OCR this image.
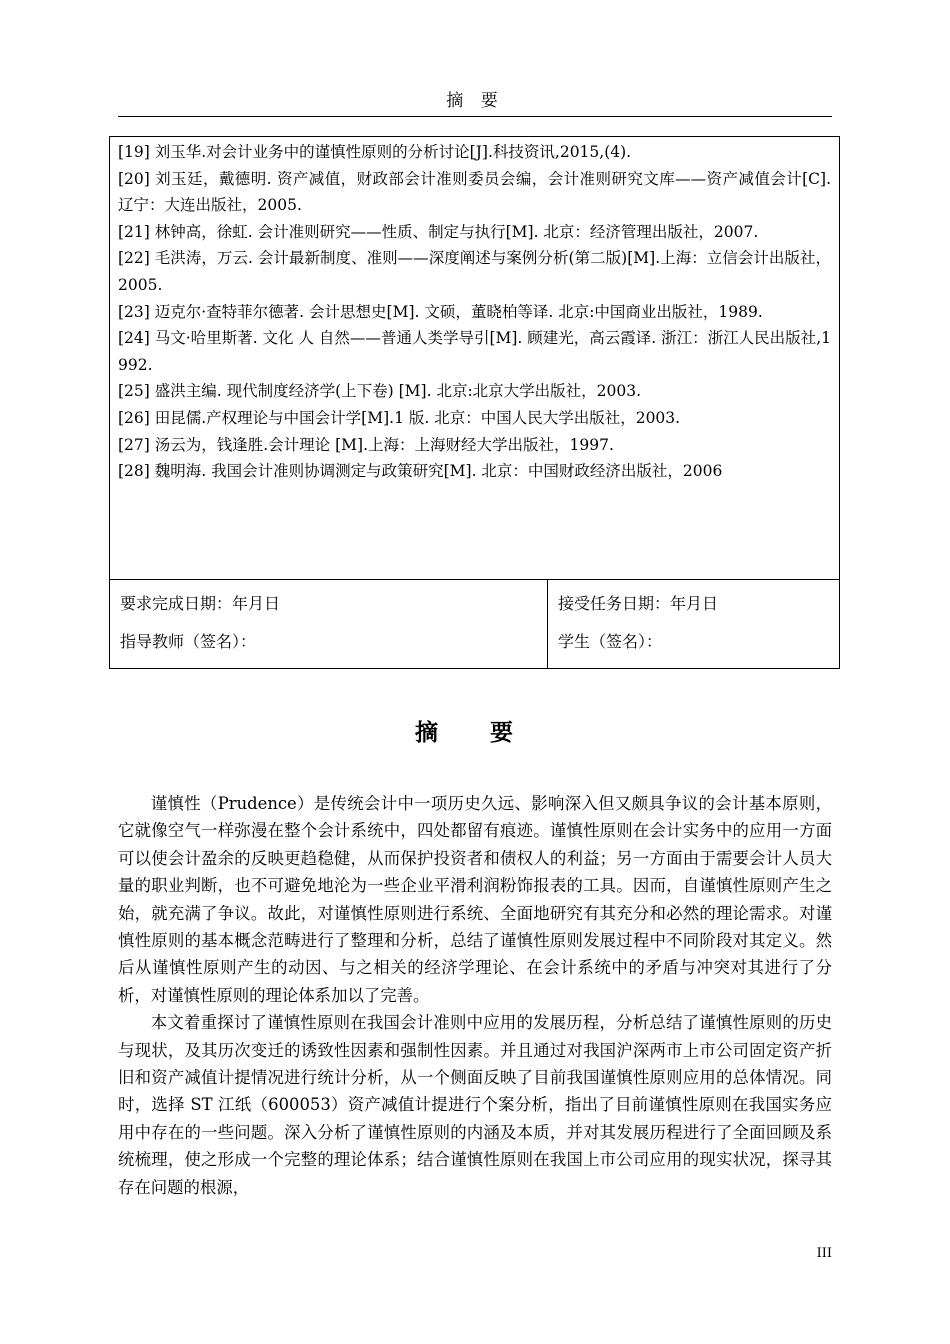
摘 要
[19] 刘玉华.对会计业务中的谨慎性原则的分析讨论[J].科技资讯,2015,(4).
[20] 刘玉廷，戴德明. 资产减值，财政部会计准则委员会编，会计准则研究文库——资产减值会计[C]. 辽宁：大连出版社，2005.
[21] 林钟高，徐虹. 会计准则研究——性质、制定与执行[M]. 北京：经济管理出版社，2007.
[22] 毛洪涛，万云. 会计最新制度、准则——深度阐述与案例分析(第二版)[M].上海：立信会计出版社，2005.
[23] 迈克尔·查特菲尔德著. 会计思想史[M]. 文硕，董晓柏等译. 北京:中国商业出版社，1989.
[24] 马文·哈里斯著. 文化 人 自然——普通人类学导引[M]. 顾建光，高云霞译. 浙江：浙江人民出版社,1992.
[25] 盛洪主编. 现代制度经济学(上下卷) [M]. 北京:北京大学出版社，2003.
[26] 田昆儒.产权理论与中国会计学[M].1 版. 北京：中国人民大学出版社，2003.
[27] 汤云为，钱逢胜.会计理论 [M].上海：上海财经大学出版社，1997.
[28] 魏明海. 我国会计准则协调测定与政策研究[M]. 北京：中国财政经济出版社，2006
要求完成日期：年月日
指导教师（签名）：
接受任务日期：年月日
学生（签名）：
摘 要

谨慎性（Prudence）是传统会计中一项历史久远、影响深入但又颇具争议的会计基本原则，它就像空气一样弥漫在整个会计系统中，四处都留有痕迹。谨慎性原则在会计实务中的应用一方面可以使会计盈余的反映更趋稳健，从而保护投资者和债权人的利益；另一方面由于需要会计人员大量的职业判断，也不可避免地沦为一些企业平滑利润粉饰报表的工具。因而，自谨慎性原则产生之始，就充满了争议。故此，对谨慎性原则进行系统、全面地研究有其充分和必然的理论需求。对谨慎性原则的基本概念范畴进行了整理和分析，总结了谨慎性原则发展过程中不同阶段对其定义。然后从谨慎性原则产生的动因、与之相关的经济学理论、在会计系统中的矛盾与冲突对其进行了分析，对谨慎性原则的理论体系加以了完善。

本文着重探讨了谨慎性原则在我国会计准则中应用的发展历程，分析总结了谨慎性原则的历史与现状，及其历次变迁的诱致性因素和强制性因素。并且通过对我国沪深两市上市公司固定资产折旧和资产减值计提情况进行统计分析，从一个侧面反映了目前我国谨慎性原则应用的总体情况。同时，选择 ST 江纸（600053）资产减值计提进行个案分析，指出了目前谨慎性原则在我国实务应用中存在的一些问题。深入分析了谨慎性原则的内涵及本质，并对其发展历程进行了全面回顾及系统梳理，使之形成一个完整的理论体系；结合谨慎性原则在我国上市公司应用的现实状况，探寻其存在问题的根源，

III
